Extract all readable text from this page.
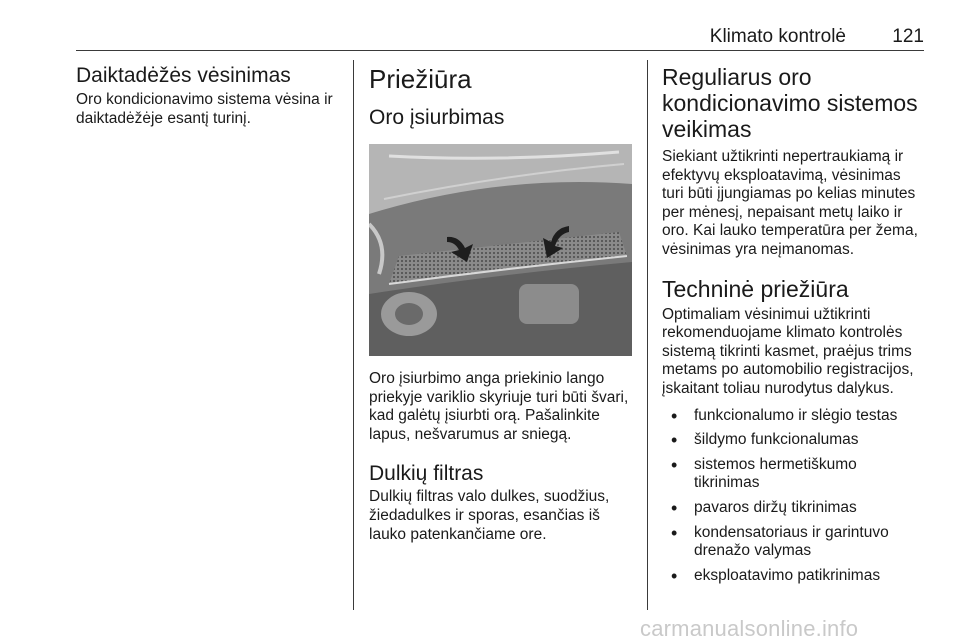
Klimato kontrolė 121
Daiktadėžės vėsinimas

Oro kondicionavimo sistema vėsina ir daiktadėžėje esantį turinį.

Priežiūra
Oro įsiurbimas

Oro įsiurbimo anga priekinio lango priekyje variklio skyriuje turi būti švari, kad galėtų įsiurbti orą. Pašalinkite lapus, nešvarumus ar sniegą.

Dulkių filtras

Dulkių filtras valo dulkes, suodžius, žiedadulkes ir sporas, esančias iš lauko patenkančiame ore.

Reguliarus oro kondicionavimo sistemos veikimas

Siekiant užtikrinti nepertraukiamą ir efektyvų eksploatavimą, vėsinimas turi būti įjungiamas po kelias minutes per mėnesį, nepaisant metų laiko ir oro. Kai lauko temperatūra per žema, vėsinimas yra neįmanomas.

Techninė priežiūra

Optimaliam vėsinimui užtikrinti rekomenduojame klimato kontrolės sistemą tikrinti kasmet, praėjus trims metams po automobilio registracijos, įskaitant toliau nurodytus dalykus.

• funkcionalumo ir slėgio testas
• šildymo funkcionalumas
• sistemos hermetiškumo tikrinimas
• pavaros diržų tikrinimas
• kondensatoriaus ir garintuvo drenažo valymas
• eksploatavimo patikrinimas
carmanualsonline.info
